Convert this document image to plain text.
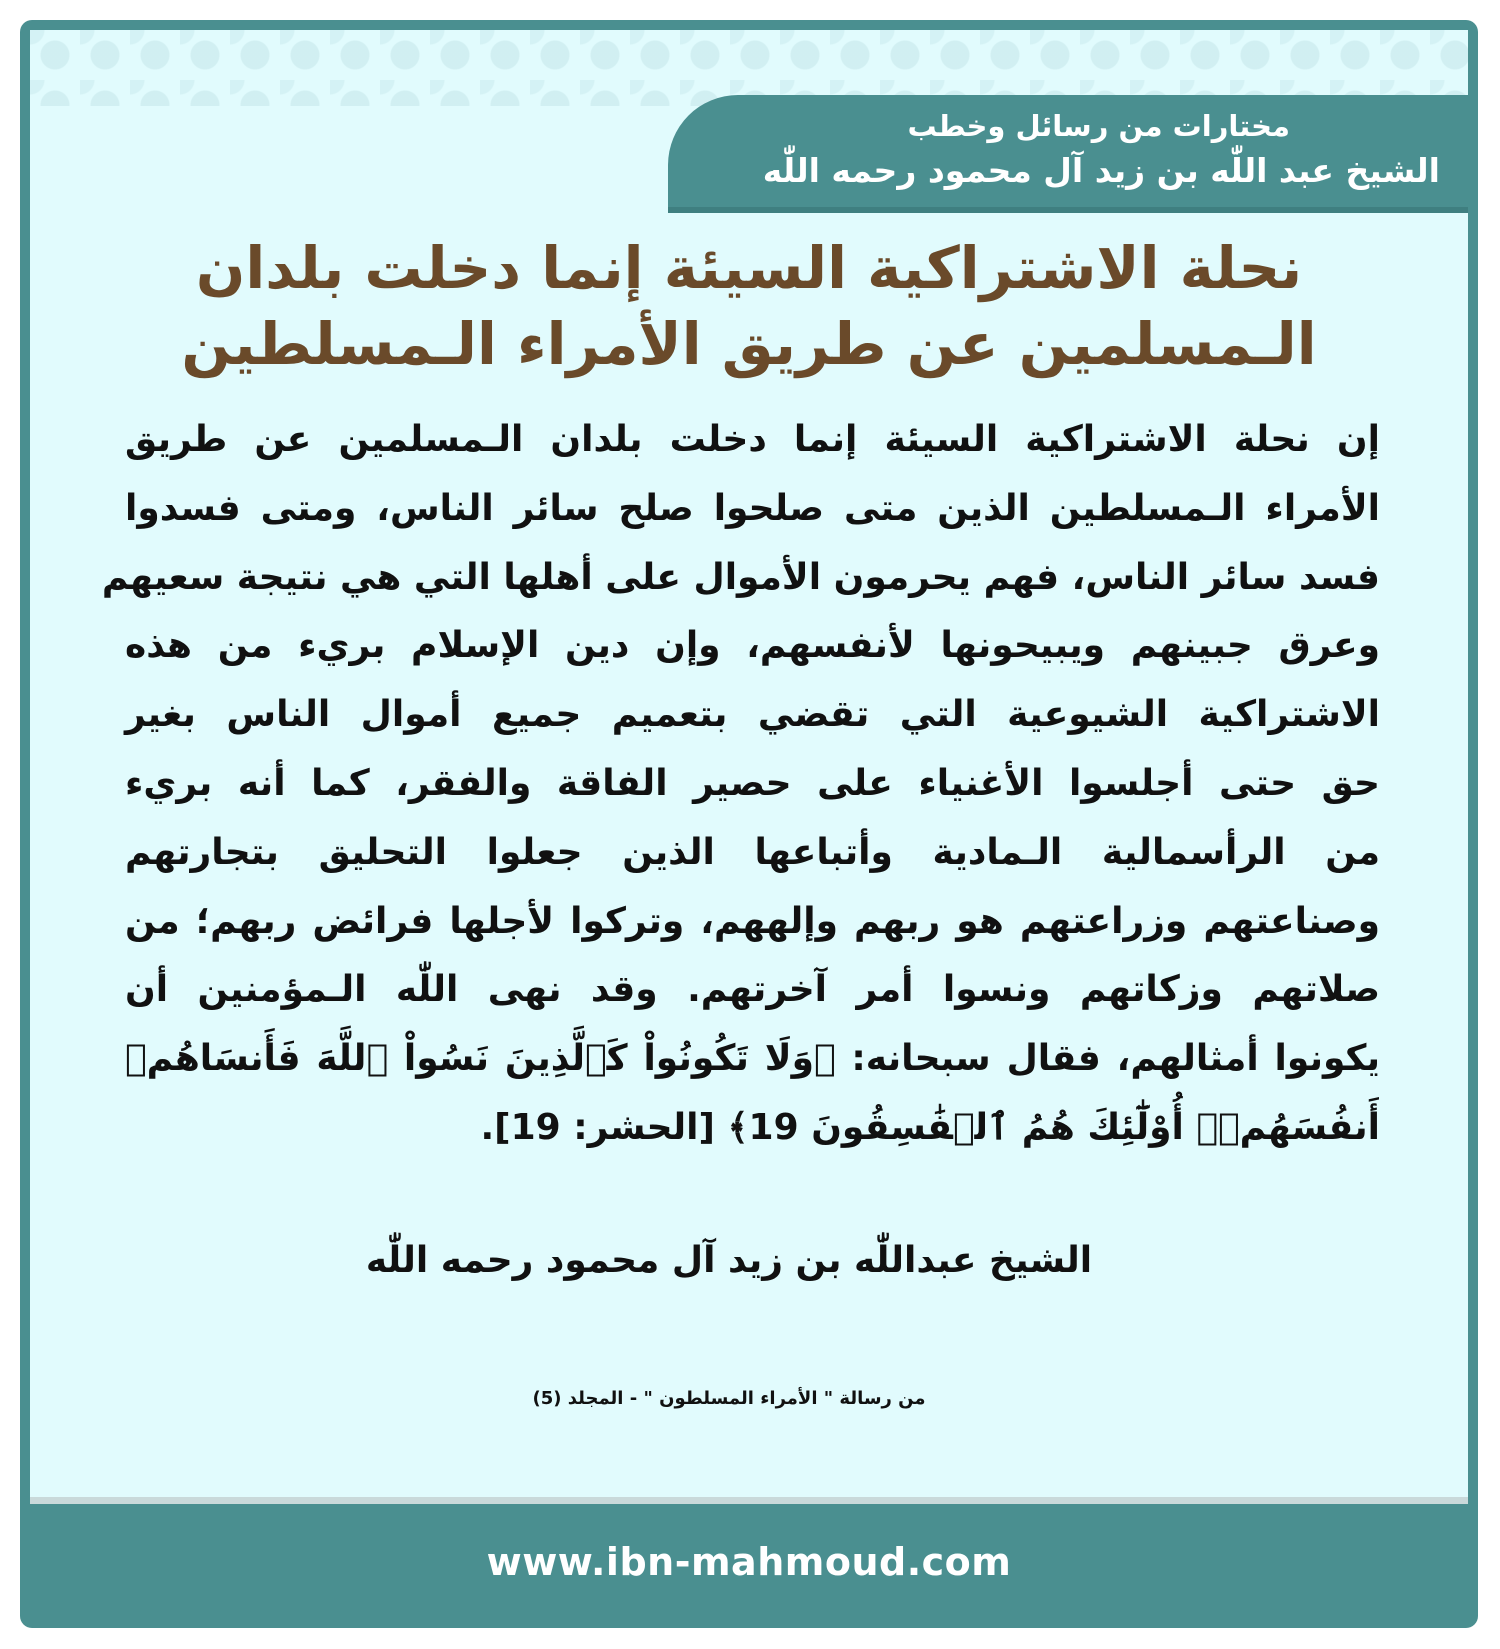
مختارات من رسائل وخطب
الشيخ عبد اللّٰه بن زيد آل محمود رحمه اللّٰه
نحلة الاشتراكية السيئة إنما دخلت بلدان
الـمسلمين عن طريق الأمراء الـمسلطين
إن نحلة الاشتراكية السيئة إنما دخلت بلدان الـمسلمين عن طريق
الأمراء الـمسلطين الذين متى صلحوا صلح سائر الناس، ومتى فسدوا
فسد سائر الناس، فهم يحرمون الأموال على أهلها التي هي نتيجة سعيهم
وعرق جبينهم ويبيحونها لأنفسهم، وإن دين الإسلام بريء من هذه
الاشتراكية الشيوعية التي تقضي بتعميم جميع أموال الناس بغير
حق حتى أجلسوا الأغنياء على حصير الفاقة والفقر، كما أنه بريء
من الرأسمالية الـمادية وأتباعها الذين جعلوا التحليق بتجارتهم
وصناعتهم وزراعتهم هو ربهم وإلههم، وتركوا لأجلها فرائض ربهم؛ من
صلاتهم وزكاتهم ونسوا أمر آخرتهم. وقد نهى اللّٰه الـمؤمنين أن
يكونوا أمثالهم، فقال سبحانه: ﴿وَلَا تَكُونُواْ كَٱلَّذِينَ نَسُواْ ٱللَّهَ فَأَنسَاهُمۡ
أَنفُسَهُمۡۚ أُوْلَٰٓئِكَ هُمُ ٱلۡفَٰسِقُونَ 19﴾ [الحشر: 19].
الشيخ عبداللّٰه بن زيد آل محمود رحمه اللّٰه
من رسالة " الأمراء المسلطون " - المجلد (5)
www.ibn-mahmoud.com
